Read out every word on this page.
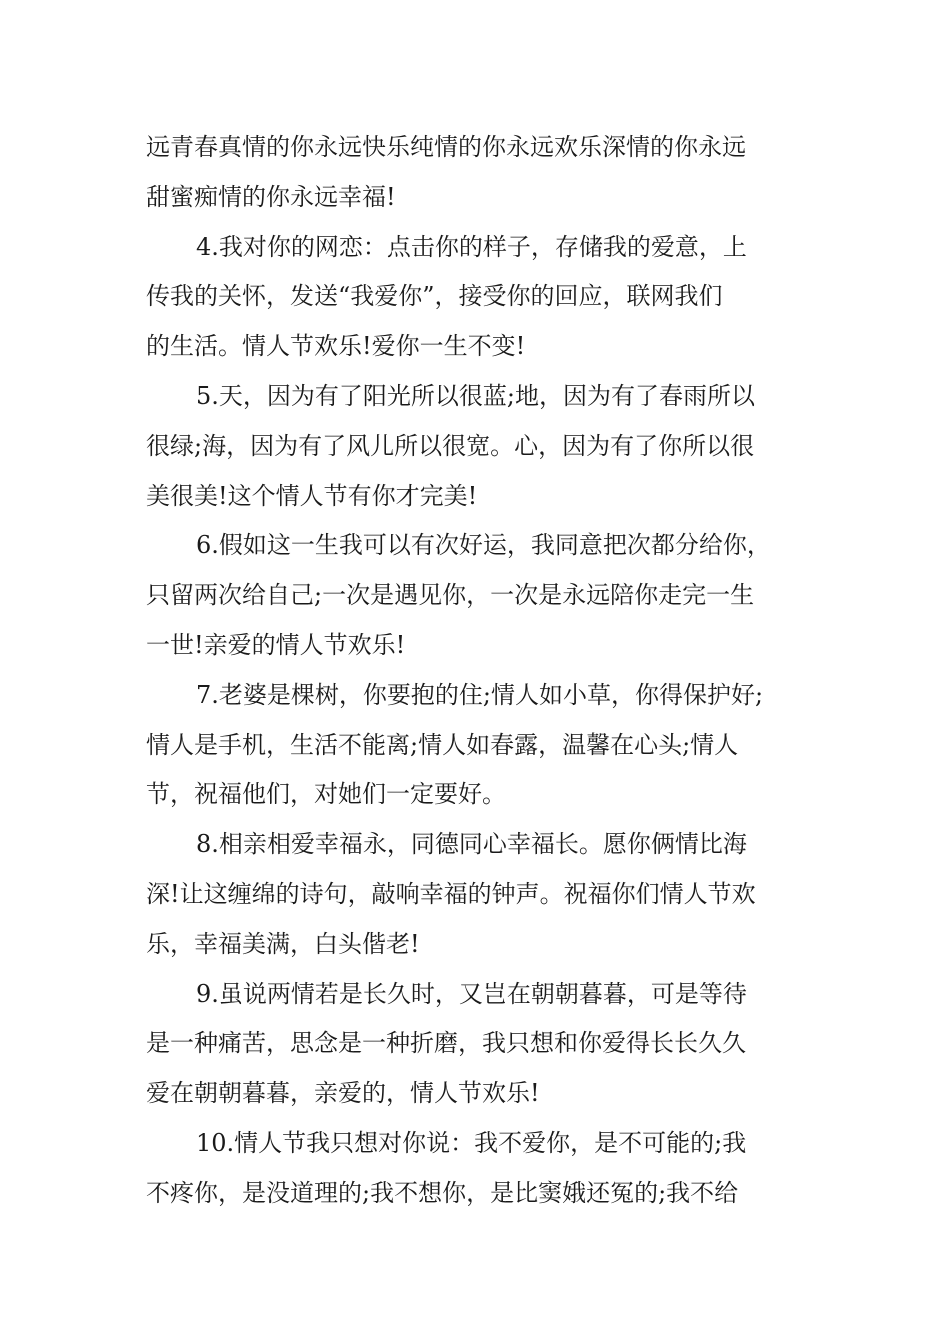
远青春真情的你永远快乐纯情的你永远欢乐深情的你永远
甜蜜痴情的你永远幸福!
4.我对你的网恋：点击你的样子，存储我的爱意，上
传我的关怀，发送“我爱你”，接受你的回应，联网我们
的生活。情人节欢乐!爱你一生不变!
5.天，因为有了阳光所以很蓝;地，因为有了春雨所以
很绿;海，因为有了风儿所以很宽。心，因为有了你所以很
美很美!这个情人节有你才完美!
6.假如这一生我可以有次好运，我同意把次都分给你，
只留两次给自己;一次是遇见你，一次是永远陪你走完一生
一世!亲爱的情人节欢乐!
7.老婆是棵树，你要抱的住;情人如小草，你得保护好;
情人是手机，生活不能离;情人如春露，温馨在心头;情人
节，祝福他们，对她们一定要好。
8.相亲相爱幸福永，同德同心幸福长。愿你俩情比海
深!让这缠绵的诗句，敲响幸福的钟声。祝福你们情人节欢
乐，幸福美满，白头偕老!
9.虽说两情若是长久时，又岂在朝朝暮暮，可是等待
是一种痛苦，思念是一种折磨，我只想和你爱得长长久久
爱在朝朝暮暮，亲爱的，情人节欢乐!
10.情人节我只想对你说：我不爱你，是不可能的;我
不疼你，是没道理的;我不想你，是比窦娥还冤的;我不给
